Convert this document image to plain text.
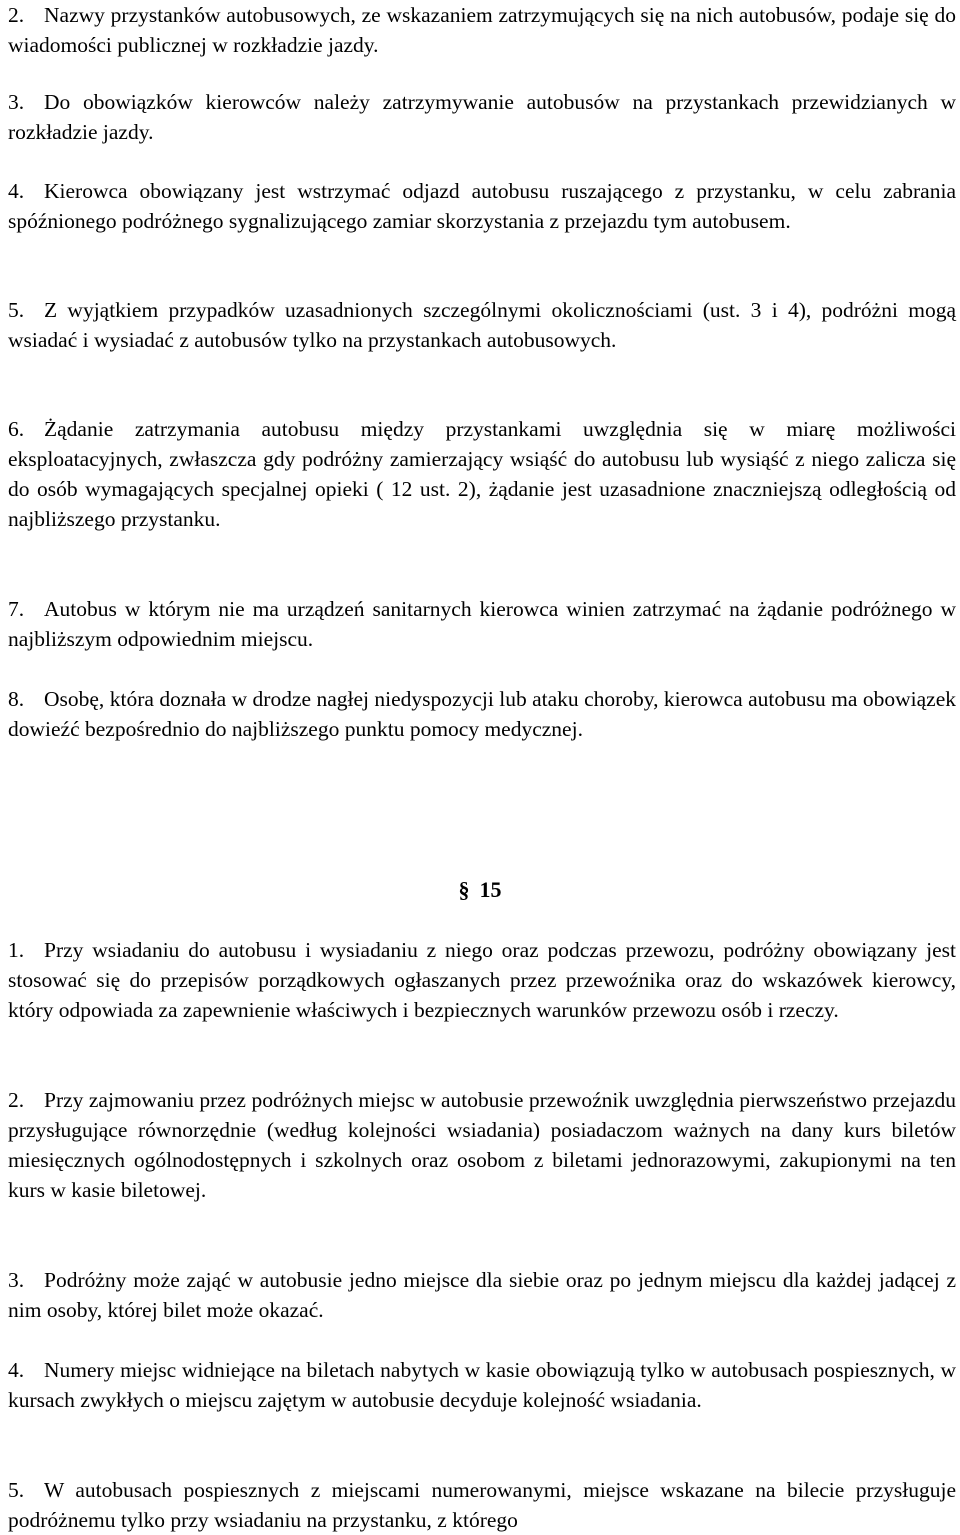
2. Nazwy przystanków autobusowych, ze wskazaniem zatrzymujących się na nich autobusów, podaje się do wiadomości publicznej w rozkładzie jazdy.

3. Do obowiązków kierowców należy zatrzymywanie autobusów na przystankach przewidzianych w rozkładzie jazdy.

4. Kierowca obowiązany jest wstrzymać odjazd autobusu ruszającego z przystanku, w celu zabrania spóźnionego podróżnego sygnalizującego zamiar skorzystania z przejazdu tym autobusem.

5. Z wyjątkiem przypadków uzasadnionych szczególnymi okolicznościami (ust. 3 i 4), podróżni mogą wsiadać i wysiadać z autobusów tylko na przystankach autobusowych.

6. Żądanie zatrzymania autobusu między przystankami uwzględnia się w miarę możliwości eksploatacyjnych, zwłaszcza gdy podróżny zamierzający wsiąść do autobusu lub wysiąść z niego zalicza się do osób wymagających specjalnej opieki ( 12 ust. 2), żądanie jest uzasadnione znaczniejszą odległością od najbliższego przystanku.

7. Autobus w którym nie ma urządzeń sanitarnych kierowca winien zatrzymać na żądanie podróżnego w najbliższym odpowiednim miejscu.

8. Osobę, która doznała w drodze nagłej niedyspozycji lub ataku choroby, kierowca autobusu ma obowiązek dowieźć bezpośrednio do najbliższego punktu pomocy medycznej.

§ 15

1. Przy wsiadaniu do autobusu i wysiadaniu z niego oraz podczas przewozu, podróżny obowiązany jest stosować się do przepisów porządkowych ogłaszanych przez przewoźnika oraz do wskazówek kierowcy, który odpowiada za zapewnienie właściwych i bezpiecznych warunków przewozu osób i rzeczy.

2. Przy zajmowaniu przez podróżnych miejsc w autobusie przewoźnik uwzględnia pierwszeństwo przejazdu przysługujące równorzędnie (według kolejności wsiadania) posiadaczom ważnych na dany kurs biletów miesięcznych ogólnodostępnych i szkolnych oraz osobom z biletami jednorazowymi, zakupionymi na ten kurs w kasie biletowej.

3. Podróżny może zająć w autobusie jedno miejsce dla siebie oraz po jednym miejscu dla każdej jadącej z nim osoby, której bilet może okazać.

4. Numery miejsc widniejące na biletach nabytych w kasie obowiązują tylko w autobusach pospiesznych, w kursach zwykłych o miejscu zajętym w autobusie decyduje kolejność wsiadania.

5. W autobusach pospiesznych z miejscami numerowanymi, miejsce wskazane na bilecie przysługuje podróżnemu tylko przy wsiadaniu na przystanku, z którego
